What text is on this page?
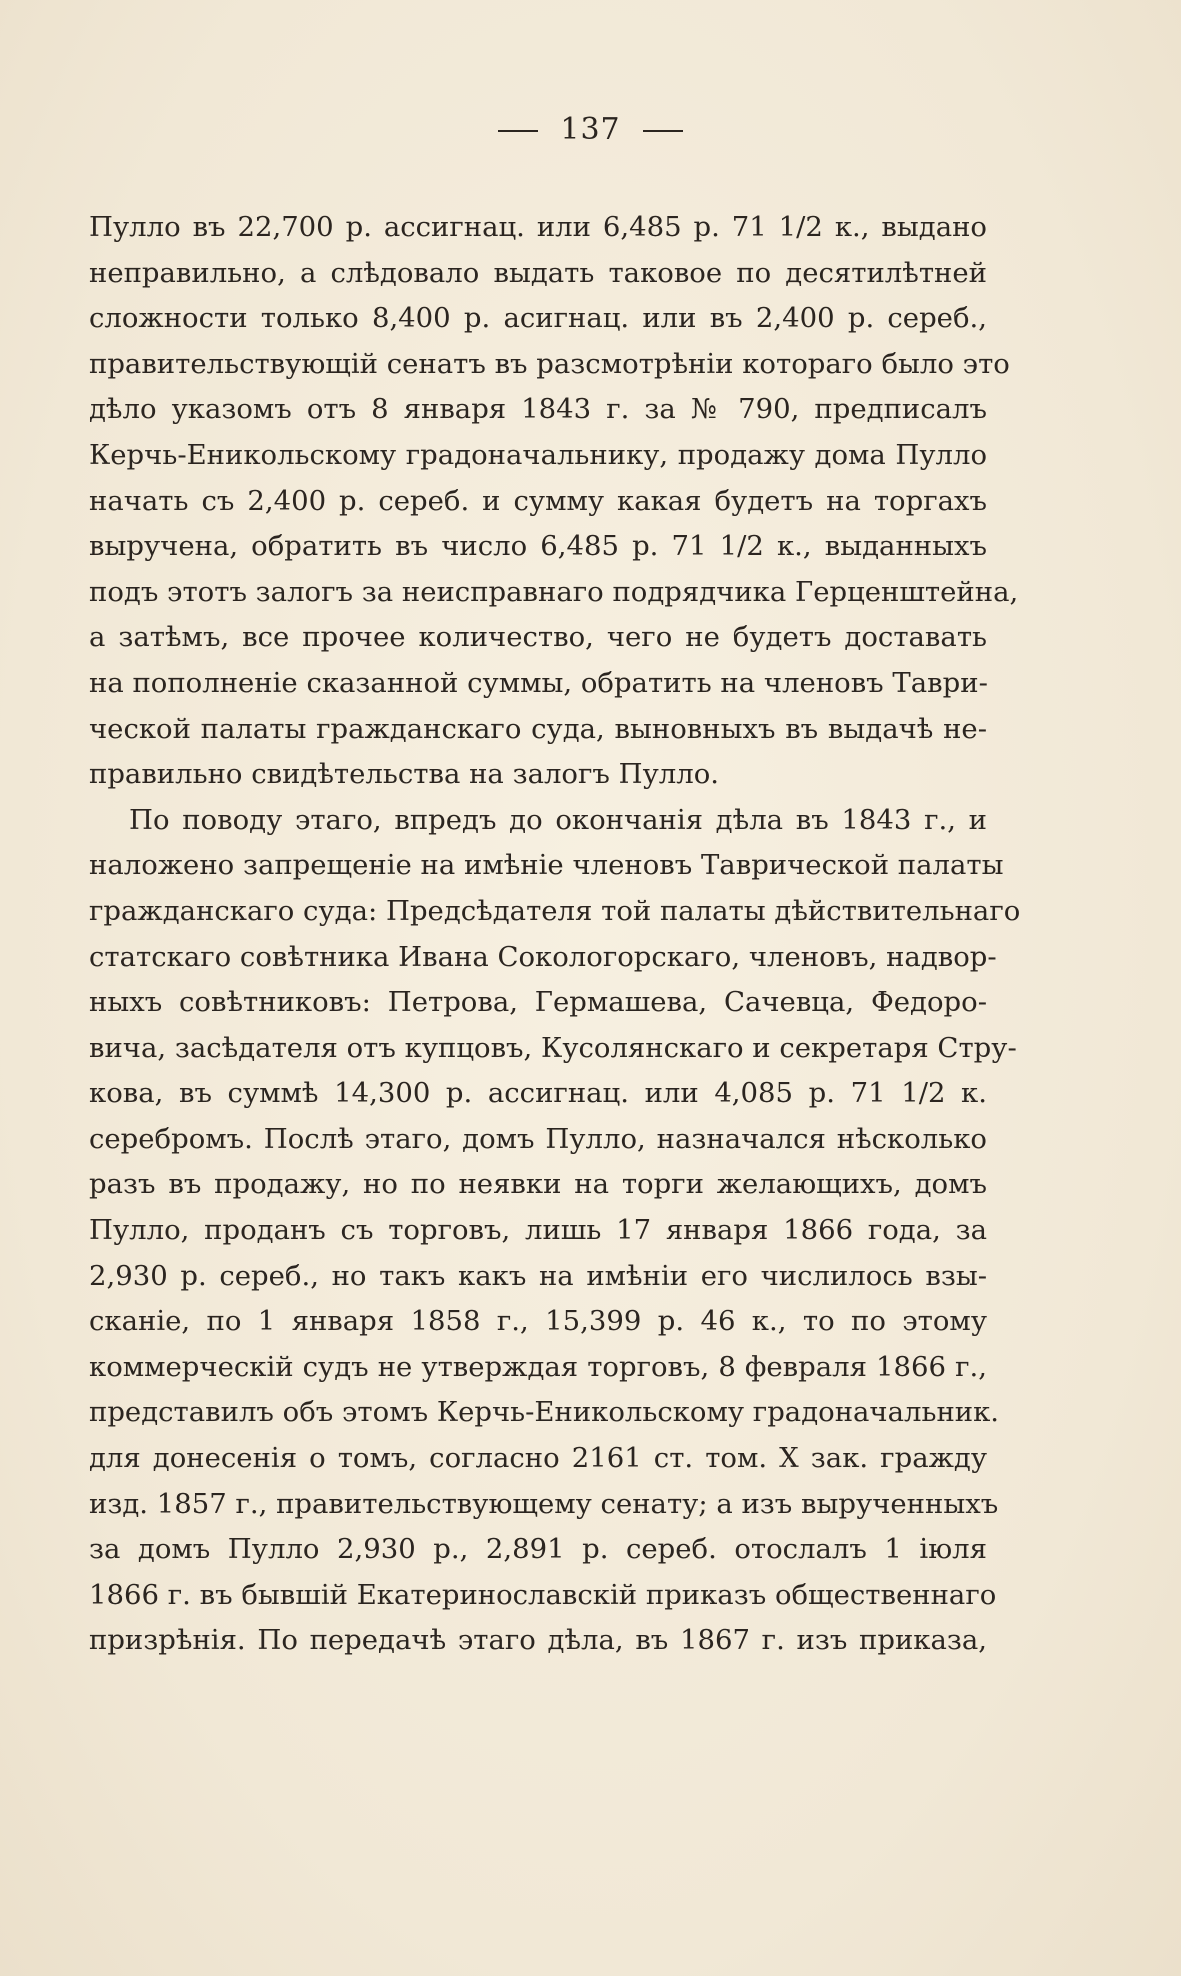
137
Пулло въ 22,700 р. ассигнац. или 6,485 р. 71 1/2 к., выдано
неправильно, а слѣдовало выдать таковое по десятилѣтней
сложности только 8,400 р. асигнац. или въ 2,400 р. сереб.,
правительствующій сенатъ въ разсмотрѣніи котораго было это
дѣло указомъ отъ 8 января 1843 г. за № 790, предписалъ
Керчь-Еникольскому градоначальнику, продажу дома Пулло
начать съ 2,400 р. сереб. и сумму какая будетъ на торгахъ
выручена, обратить въ число 6,485 р. 71 1/2 к., выданныхъ
подъ этотъ залогъ за неисправнаго подрядчика Герценштейна,
а затѣмъ, все прочее количество, чего не будетъ доставать
на пополненіе сказанной суммы, обратить на членовъ Таври-
ческой палаты гражданскаго суда, выновныхъ въ выдачѣ не-
правильно свидѣтельства на залогъ Пулло.
По поводу этаго, впредъ до окончанія дѣла въ 1843 г., и
наложено запрещеніе на имѣніе членовъ Таврической палаты
гражданскаго суда: Предсѣдателя той палаты дѣйствительнаго
статскаго совѣтника Ивана Сокологорскаго, членовъ, надвор-
ныхъ совѣтниковъ: Петрова, Гермашева, Сачевца, Федоро-
вича, засѣдателя отъ купцовъ, Кусолянскаго и секретаря Стру-
кова, въ суммѣ 14,300 р. ассигнац. или 4,085 р. 71 1/2 к.
серебромъ. Послѣ этаго, домъ Пулло, назначался нѣсколько
разъ въ продажу, но по неявки на торги желающихъ, домъ
Пулло, проданъ съ торговъ, лишь 17 января 1866 года, за
2,930 р. сереб., но такъ какъ на имѣніи его числилось взы-
сканіе, по 1 января 1858 г., 15,399 р. 46 к., то по этому
коммерческій судъ не утверждая торговъ, 8 февраля 1866 г.,
представилъ объ этомъ Керчь-Еникольскому градоначальник.
для донесенія о томъ, согласно 2161 ст. том. X зак. гражду
изд. 1857 г., правительствующему сенату; а изъ вырученныхъ
за домъ Пулло 2,930 р., 2,891 р. сереб. отослалъ 1 іюля
1866 г. въ бывшій Екатеринославскій приказъ общественнаго
призрѣнія. По передачѣ этаго дѣла, въ 1867 г. изъ приказа,
